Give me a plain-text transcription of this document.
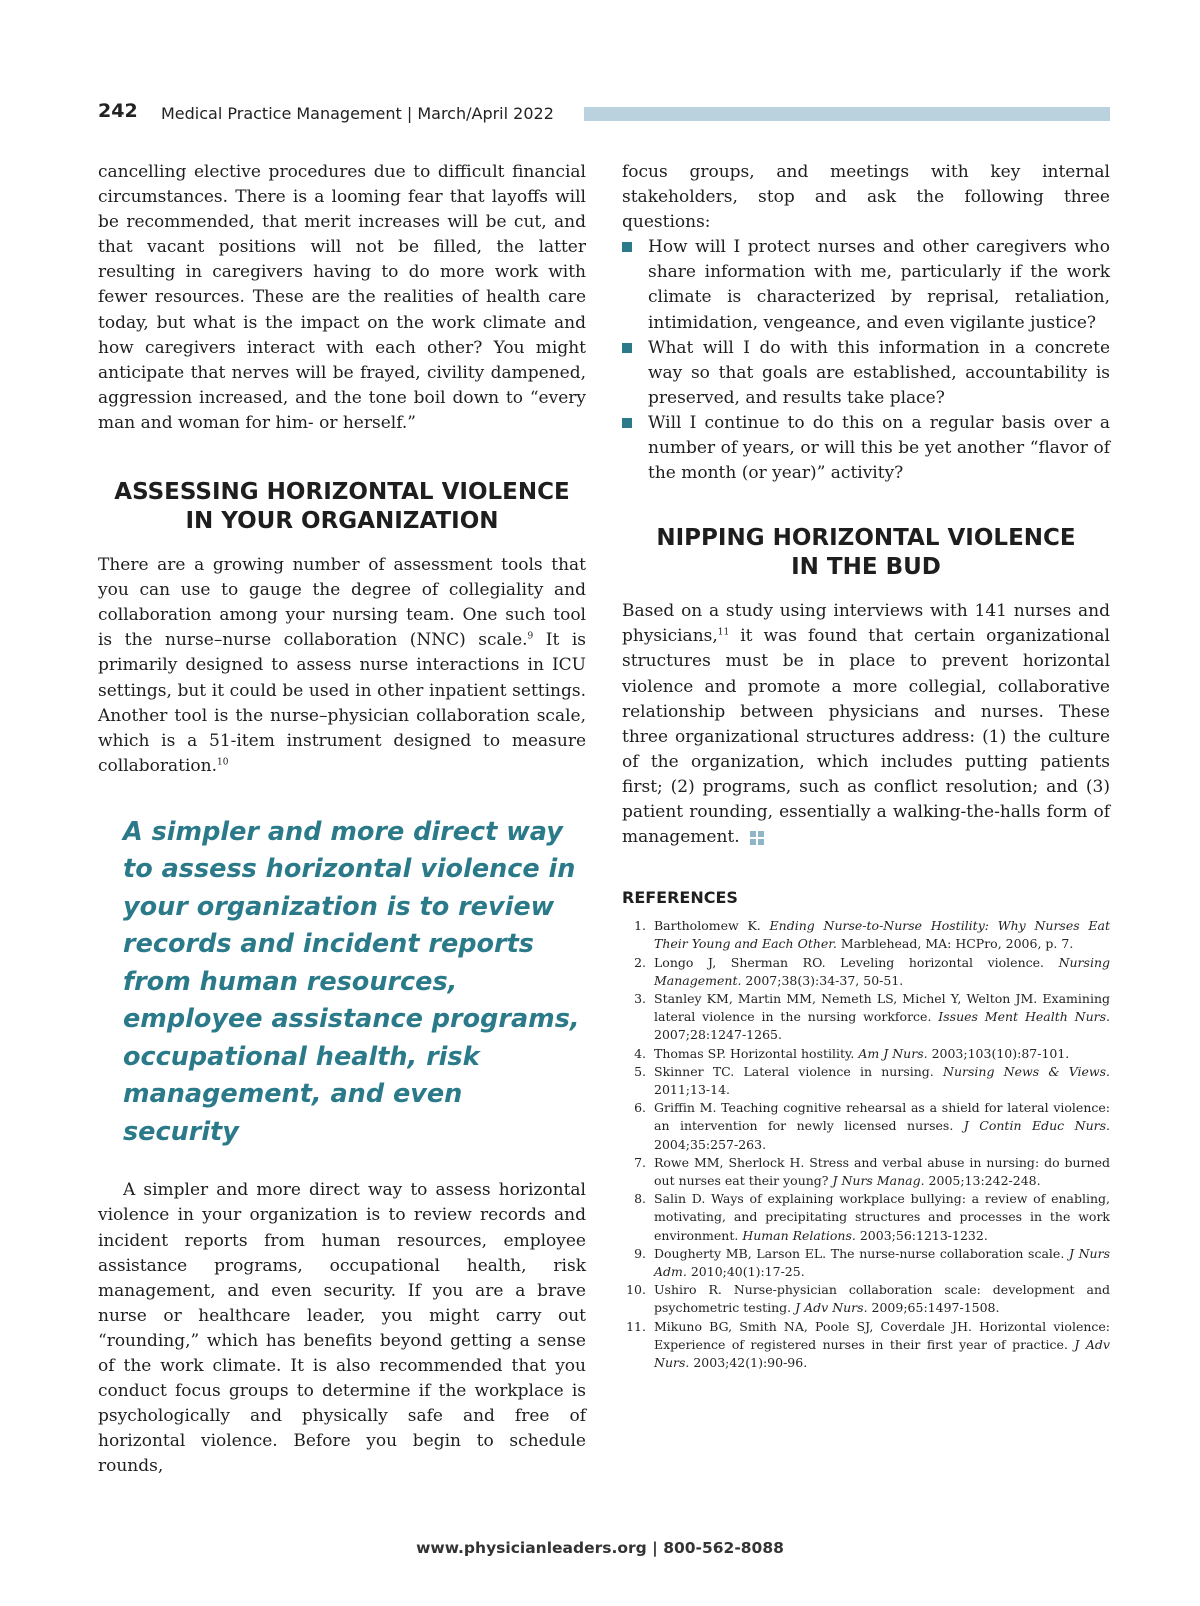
242 Medical Practice Management | March/April 2022

cancelling elective procedures due to difficult financial circumstances. There is a looming fear that layoffs will be recommended, that merit increases will be cut, and that vacant positions will not be filled, the latter resulting in caregivers having to do more work with fewer resources. These are the realities of health care today, but what is the impact on the work climate and how caregivers interact with each other? You might anticipate that nerves will be frayed, civility dampened, aggression increased, and the tone boil down to “every man and woman for him- or herself.”

ASSESSING HORIZONTAL VIOLENCE
IN YOUR ORGANIZATION

There are a growing number of assessment tools that you can use to gauge the degree of collegiality and collaboration among your nursing team. One such tool is the nurse–nurse collaboration (NNC) scale.$^9$ It is primarily designed to assess nurse interactions in ICU settings, but it could be used in other inpatient settings. Another tool is the nurse–physician collaboration scale, which is a 51-item instrument designed to measure collaboration.$^{10}$

A simpler and more direct way to assess horizontal violence in your organization is to review records and incident reports from human resources, employee assistance programs, occupational health, risk management, and even security

A simpler and more direct way to assess horizontal violence in your organization is to review records and incident reports from human resources, employee assistance programs, occupational health, risk management, and even security. If you are a brave nurse or healthcare leader, you might carry out “rounding,” which has benefits beyond getting a sense of the work climate. It is also recommended that you conduct focus groups to determine if the workplace is psychologically and physically safe and free of horizontal violence. Before you begin to schedule rounds,

focus groups, and meetings with key internal stakeholders, stop and ask the following three questions:

How will I protect nurses and other caregivers who share information with me, particularly if the work climate is characterized by reprisal, retaliation, intimidation, vengeance, and even vigilante justice?
What will I do with this information in a concrete way so that goals are established, accountability is preserved, and results take place?
Will I continue to do this on a regular basis over a number of years, or will this be yet another “flavor of the month (or year)” activity?
NIPPING HORIZONTAL VIOLENCE
IN THE BUD

Based on a study using interviews with 141 nurses and physicians,$^{11}$ it was found that certain organizational structures must be in place to prevent horizontal violence and promote a more collegial, collaborative relationship between physicians and nurses. These three organizational structures address: (1) the culture of the organization, which includes putting patients first; (2) programs, such as conflict resolution; and (3) patient rounding, essentially a walking-the-halls form of management.

REFERENCES

1. Bartholomew K. Ending Nurse-to-Nurse Hostility: Why Nurses Eat Their Young and Each Other. Marblehead, MA: HCPro, 2006, p. 7.
2. Longo J, Sherman RO. Leveling horizontal violence. Nursing Management. 2007;38(3):34-37, 50-51.
3. Stanley KM, Martin MM, Nemeth LS, Michel Y, Welton JM. Examining lateral violence in the nursing workforce. Issues Ment Health Nurs. 2007;28:1247-1265.
4. Thomas SP. Horizontal hostility. Am J Nurs. 2003;103(10):87-101.
5. Skinner TC. Lateral violence in nursing. Nursing News & Views. 2011;13-14.
6. Griffin M. Teaching cognitive rehearsal as a shield for lateral violence: an intervention for newly licensed nurses. J Contin Educ Nurs. 2004;35:257-263.
7. Rowe MM, Sherlock H. Stress and verbal abuse in nursing: do burned out nurses eat their young? J Nurs Manag. 2005;13:242-248.
8. Salin D. Ways of explaining workplace bullying: a review of enabling, motivating, and precipitating structures and processes in the work environment. Human Relations. 2003;56:1213-1232.
9. Dougherty MB, Larson EL. The nurse-nurse collaboration scale. J Nurs Adm. 2010;40(1):17-25.
10. Ushiro R. Nurse-physician collaboration scale: development and psychometric testing. J Adv Nurs. 2009;65:1497-1508.
11. Mikuno BG, Smith NA, Poole SJ, Coverdale JH. Horizontal violence: Experience of registered nurses in their first year of practice. J Adv Nurs. 2003;42(1):90-96.
www.physicianleaders.org | 800-562-8088
